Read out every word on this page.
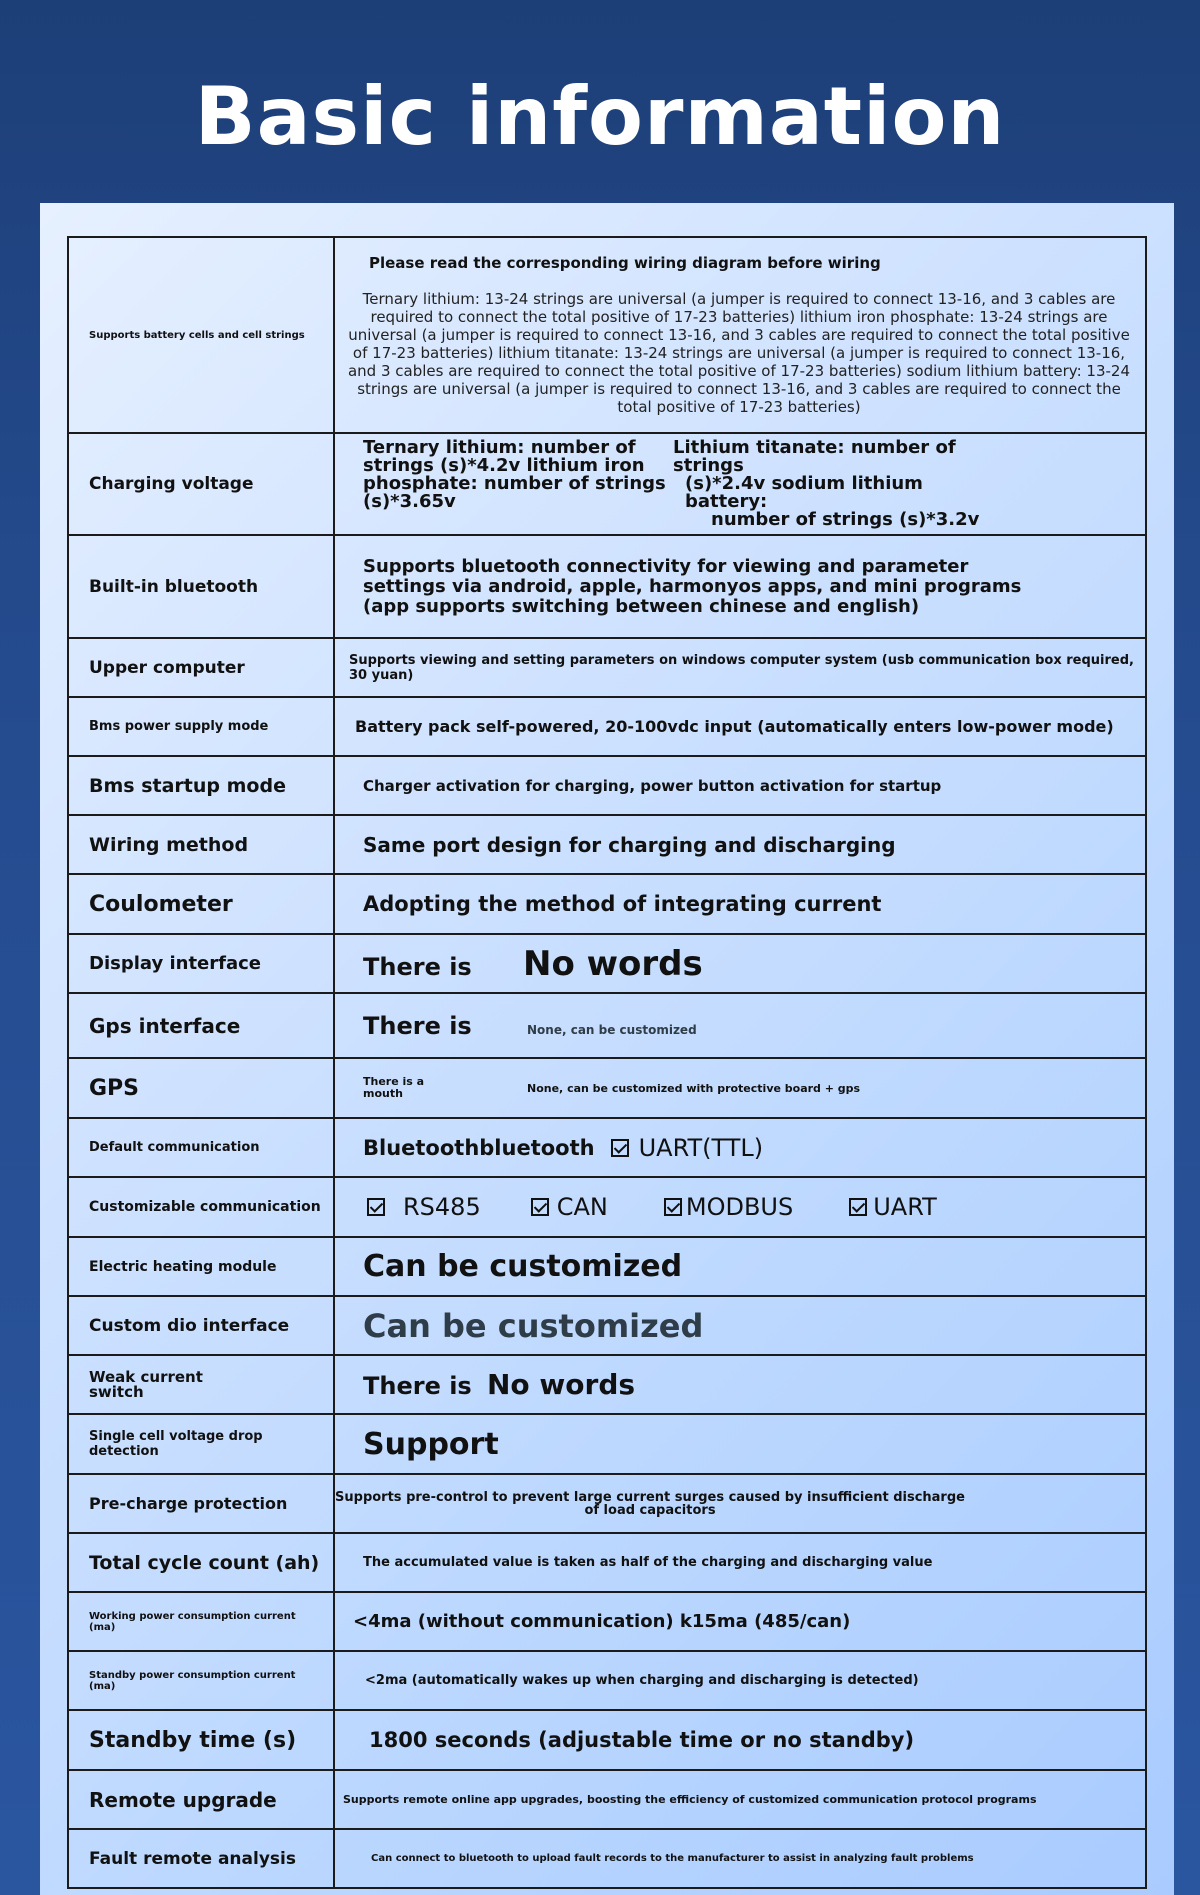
Basic information
Supports battery cells and cell strings	Please read the corresponding wiring diagram before wiring
Ternary lithium: 13-24 strings are universal (a jumper is required to connect 13-16, and 3 cables are required to connect the total positive of 17-23 batteries) lithium iron phosphate: 13-24 strings are universal (a jumper is required to connect 13-16, and 3 cables are required to connect the total positive of 17-23 batteries) lithium titanate: 13-24 strings are universal (a jumper is required to connect 13-16, and 3 cables are required to connect the total positive of 17-23 batteries) sodium lithium battery: 13-24 strings are universal (a jumper is required to connect 13-16, and 3 cables are required to connect the total positive of 17-23 batteries)

Charging voltage	Ternary lithium: number of strings (s)*4.2v lithium iron phosphate: number of strings (s)*3.65v
Lithium titanate: number of strings
(s)*2.4v sodium lithium battery:
number of strings (s)*3.2v

Built-in bluetooth	Supports bluetooth connectivity for viewing and parameter settings via android, apple, harmonyos apps, and mini programs (app supports switching between chinese and english)
Upper computer	Supports viewing and setting parameters on windows computer system (usb communication box required, 30 yuan)
Bms power supply mode	Battery pack self-powered, 20-100vdc input (automatically enters low-power mode)
Bms startup mode	Charger activation for charging, power button activation for startup
Wiring method	Same port design for charging and discharging
Coulometer	Adopting the method of integrating current
Display interface	There is No words

Gps interface	There is None, can be customized

GPS	There is a mouth None, can be customized with protective board + gps

Default communication	Bluetoothbluetooth UART(TTL)

Customizable communication	RS485 CAN MODBUS UART

Electric heating module	Can be customized
Custom dio interface	Can be customized
Weak current switch	There is No words

Single cell voltage drop detection	Support
Pre-charge protection	Supports pre-control to prevent large current surges caused by insufficient discharge of load capacitors
Total cycle count (ah)	The accumulated value is taken as half of the charging and discharging value
Working power consumption current (ma)	<4ma (without communication) k15ma (485/can)
Standby power consumption current (ma)	<2ma (automatically wakes up when charging and discharging is detected)
Standby time (s)	1800 seconds (adjustable time or no standby)
Remote upgrade	Supports remote online app upgrades, boosting the efficiency of customized communication protocol programs
Fault remote analysis	Can connect to bluetooth to upload fault records to the manufacturer to assist in analyzing fault problems
